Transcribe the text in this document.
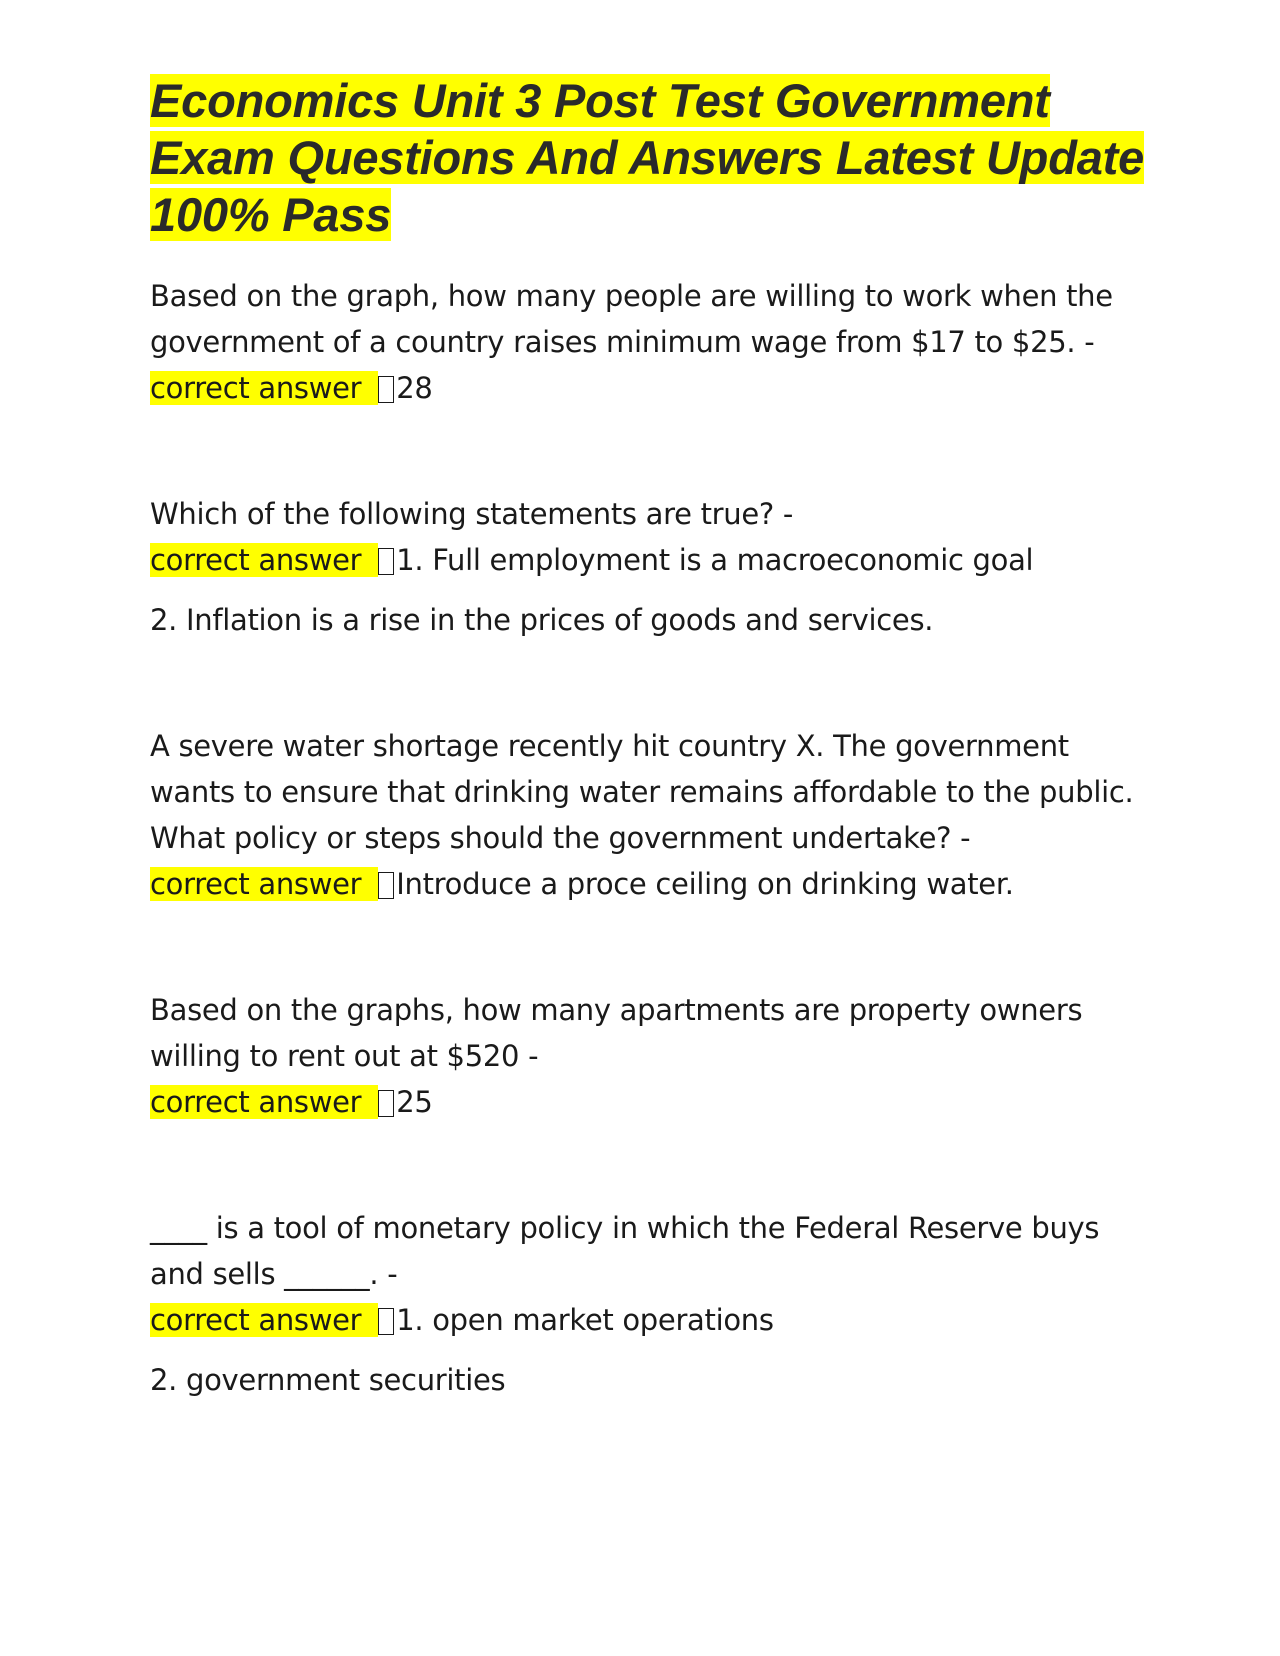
Economics Unit 3 Post Test Government Exam Questions And Answers Latest Update 100% Pass

Based on the graph, how many people are willing to work when the government of a country raises minimum wage from $17 to $25. -

correct answer 28

Which of the following statements are true? -

correct answer 1. Full employment is a macroeconomic goal

2. Inflation is a rise in the prices of goods and services.

A severe water shortage recently hit country X. The government wants to ensure that drinking water remains affordable to the public. What policy or steps should the government undertake? -

correct answer Introduce a proce ceiling on drinking water.

Based on the graphs, how many apartments are property owners willing to rent out at $520 -

correct answer 25

____ is a tool of monetary policy in which the Federal Reserve buys and sells ______. -

correct answer 1. open market operations

2. government securities
